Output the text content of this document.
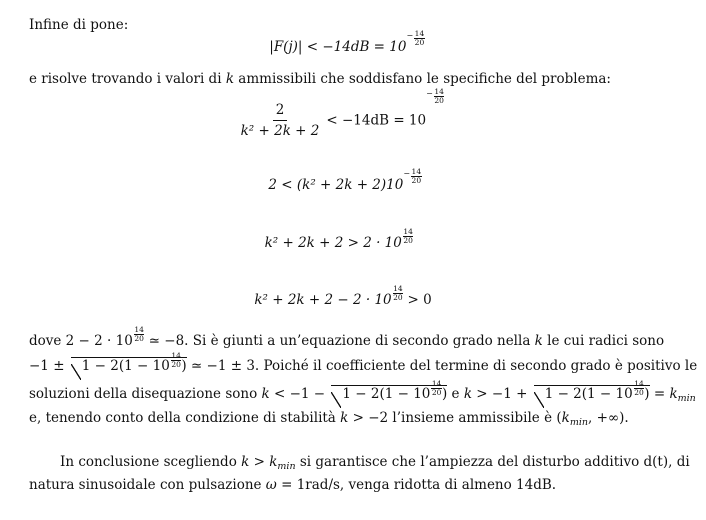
Infine di pone:
|F(j)| < −14dB = 10
− $\frac{14}{20}$
e risolve trovando i valori di k ammissibili che soddisfano le specifiche del problema:
$\frac{2}{\text{k² + 2k + 2}} < -14dB = 10$
− $\frac{14}{20}$
2 < (k² + 2k + 2)10
− $\frac{14}{20}$
$k^2 + 2k + 2 > 2 \cdot 10 \frac{14}{20}$
$k^2 + 2k + 2 - 2 \cdot 10 \frac{14}{20} > 0$
dove $2 - 2 \cdot 10 \frac{14}{20}$ ≃ −8. Si è giunti a un’equazione di secondo grado nella k le cui radici sono
$-1 \pm 1 - 2(1 - 10 \frac{14}{20}$ ) ≃ −1 ± 3. Poiché il coefficiente del termine di secondo grado è positivo le
soluzioni della disequazione sono $k < -1 - 1 - 2(1 - 10 \frac{14}{20}$ ) e $k > -1 + 1 - 2(1 - 10 \frac{14}{20}$ ) = $k_{min}$
e, tenendo conto della condizione di stabilità k > −2 l’insieme ammissibile è ($k_{min}$, +∞).
In conclusione scegliendo $k > k_{min}$ si garantisce che l’ampiezza del disturbo additivo d(t), di
natura sinusoidale con pulsazione ω = 1rad/s, venga ridotta di almeno 14dB.
